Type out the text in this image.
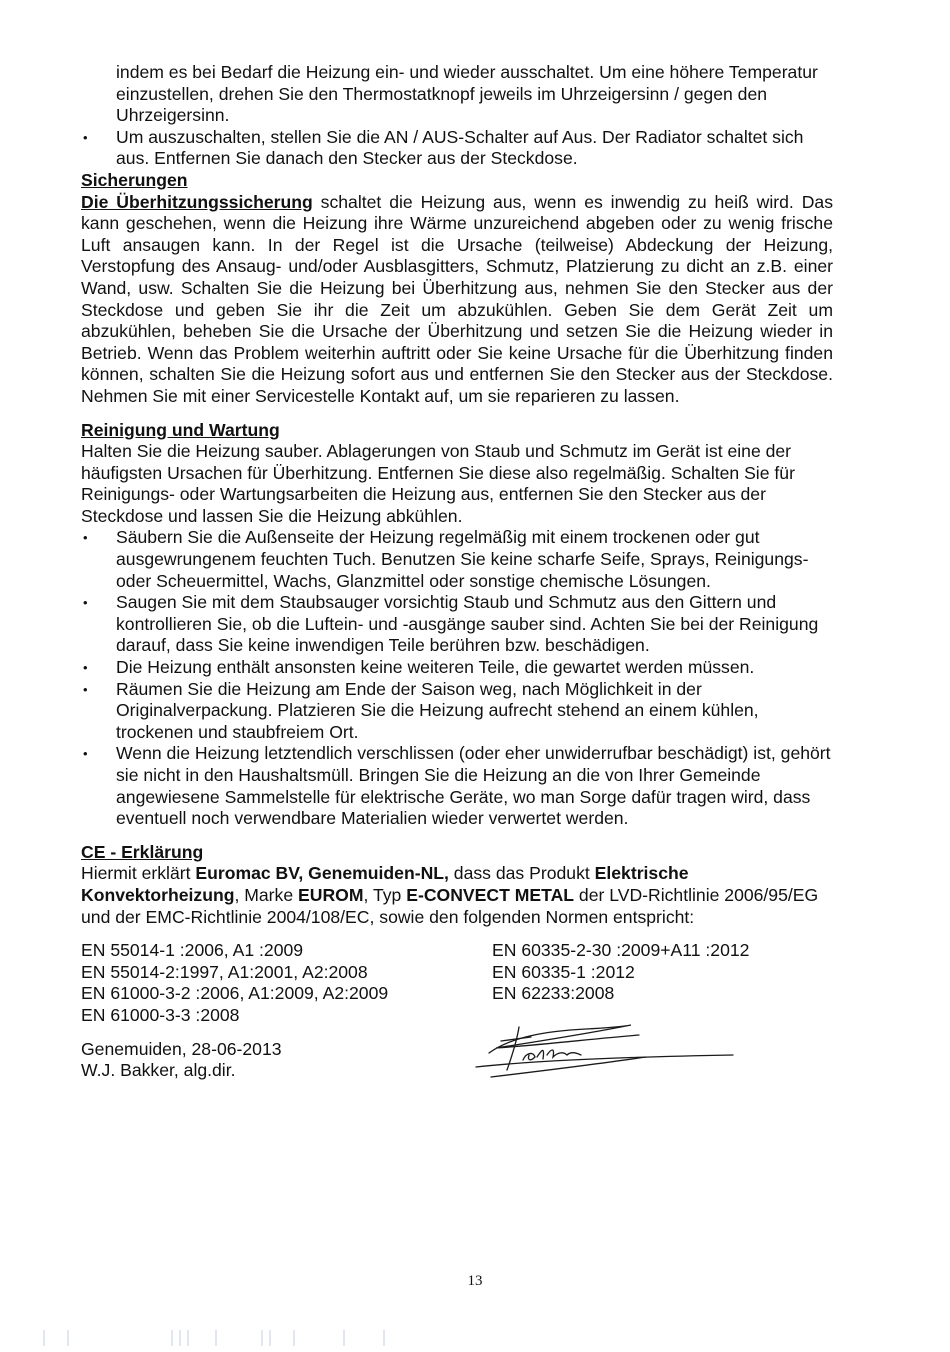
indem es bei Bedarf die Heizung ein- und wieder ausschaltet. Um eine höhere Temperatur einzustellen, drehen Sie den Thermostatknopf jeweils im Uhrzeigersinn / gegen den Uhrzeigersinn.

• Um auszuschalten, stellen Sie die AN / AUS-Schalter auf Aus. Der Radiator schaltet sich aus. Entfernen Sie danach den Stecker aus der Steckdose.

Sicherungen

Die Überhitzungssicherung schaltet die Heizung aus, wenn es inwendig zu heiß wird. Das kann geschehen, wenn die Heizung ihre Wärme unzureichend abgeben oder zu wenig frische Luft ansaugen kann. In der Regel ist die Ursache (teilweise) Abdeckung der Heizung, Verstopfung des Ansaug- und/oder Ausblasgitters, Schmutz, Platzierung zu dicht an z.B. einer Wand, usw. Schalten Sie die Heizung bei Überhitzung aus, nehmen Sie den Stecker aus der Steckdose und geben Sie ihr die Zeit um abzukühlen. Geben Sie dem Gerät Zeit um abzukühlen, beheben Sie die Ursache der Überhitzung und setzen Sie die Heizung wieder in Betrieb. Wenn das Problem weiterhin auftritt oder Sie keine Ursache für die Überhitzung finden können, schalten Sie die Heizung sofort aus und entfernen Sie den Stecker aus der Steckdose. Nehmen Sie mit einer Servicestelle Kontakt auf, um sie reparieren zu lassen.

Reinigung und Wartung

Halten Sie die Heizung sauber. Ablagerungen von Staub und Schmutz im Gerät ist eine der häufigsten Ursachen für Überhitzung. Entfernen Sie diese also regelmäßig. Schalten Sie für Reinigungs- oder Wartungsarbeiten die Heizung aus, entfernen Sie den Stecker aus der Steckdose und lassen Sie die Heizung abkühlen.

• Säubern Sie die Außenseite der Heizung regelmäßig mit einem trockenen oder gut ausgewrungenem feuchten Tuch. Benutzen Sie keine scharfe Seife, Sprays, Reinigungs- oder Scheuermittel, Wachs, Glanzmittel oder sonstige chemische Lösungen.
• Saugen Sie mit dem Staubsauger vorsichtig Staub und Schmutz aus den Gittern und kontrollieren Sie, ob die Luftein- und -ausgänge sauber sind. Achten Sie bei der Reinigung darauf, dass Sie keine inwendigen Teile berühren bzw. beschädigen.
• Die Heizung enthält ansonsten keine weiteren Teile, die gewartet werden müssen.
• Räumen Sie die Heizung am Ende der Saison weg, nach Möglichkeit in der Originalverpackung. Platzieren Sie die Heizung aufrecht stehend an einem kühlen, trockenen und staubfreiem Ort.
• Wenn die Heizung letztendlich verschlissen (oder eher unwiderrufbar beschädigt) ist, gehört sie nicht in den Haushaltsmüll. Bringen Sie die Heizung an die von Ihrer Gemeinde angewiesene Sammelstelle für elektrische Geräte, wo man Sorge dafür tragen wird, dass eventuell noch verwendbare Materialien wieder verwertet werden.

CE - Erklärung

Hiermit erklärt Euromac BV, Genemuiden-NL, dass das Produkt Elektrische Konvektorheizung, Marke EUROM, Typ E-CONVECT METAL der LVD-Richtlinie 2006/95/EG und der EMC-Richtlinie 2004/108/EC, sowie den folgenden Normen entspricht:

EN 55014-1 :2006, A1 :2009
EN 55014-2:1997, A1:2001, A2:2008
EN 61000-3-2 :2006, A1:2009, A2:2009
EN 61000-3-3 :2008
EN 60335-2-30 :2009+A11 :2012
EN 60335-1 :2012
EN 62233:2008
Genemuiden, 28-06-2013
W.J. Bakker, alg.dir.
13
